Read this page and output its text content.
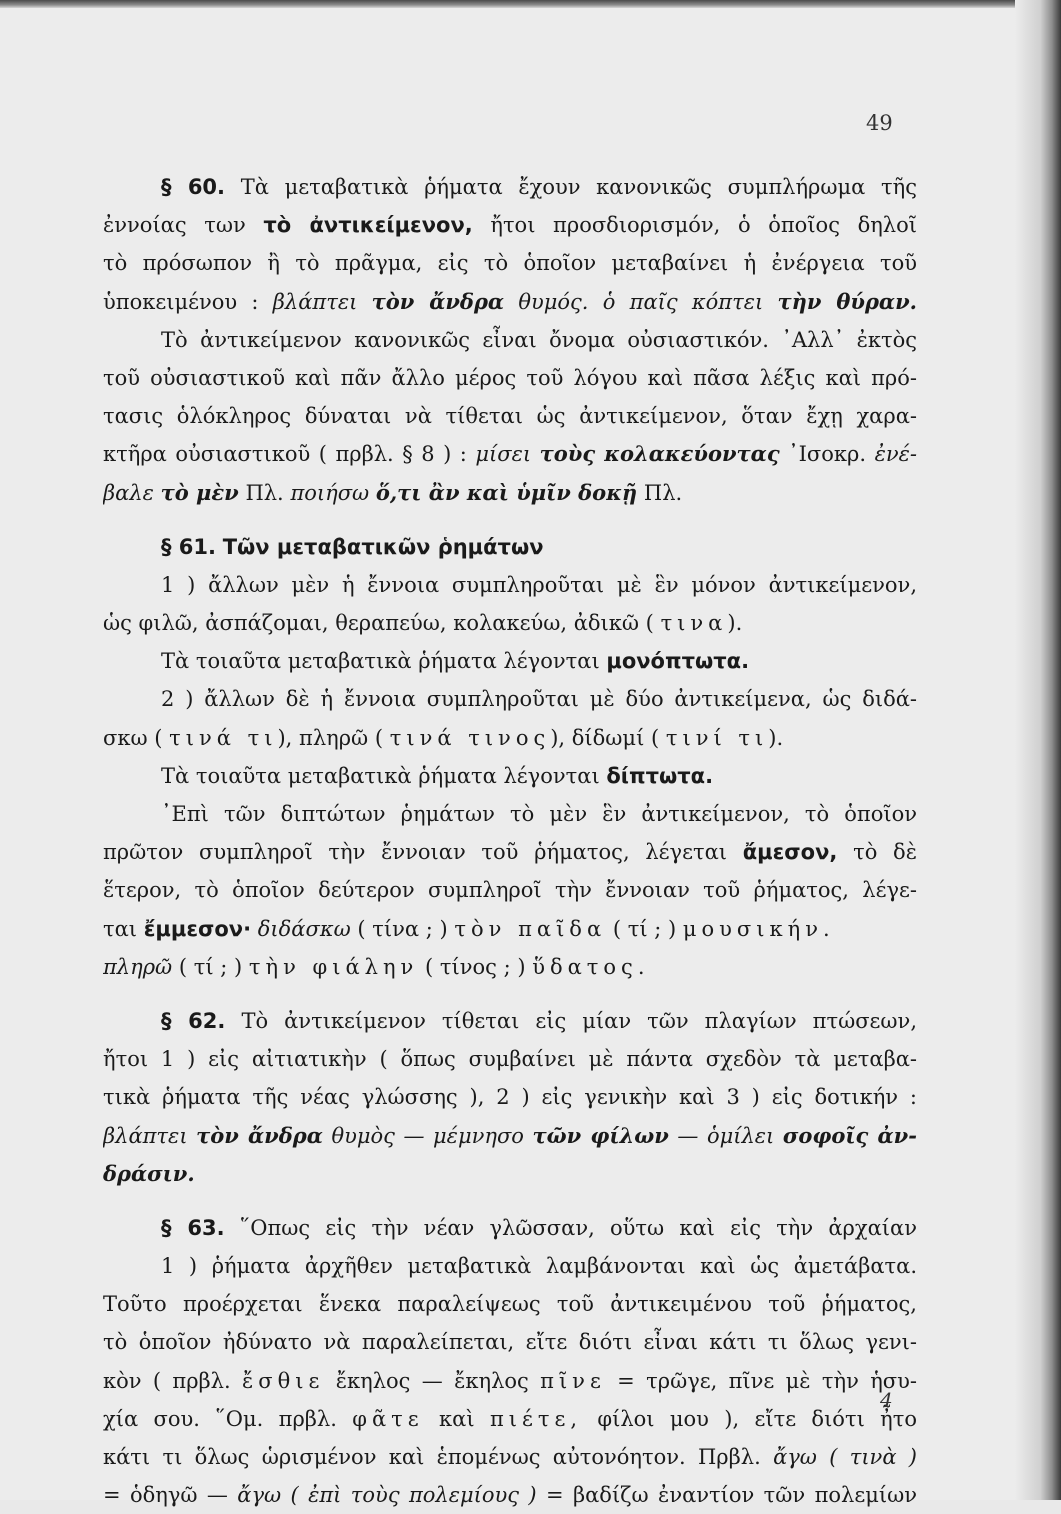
49
§ 60. Τὰ μεταβατικὰ ῥήματα ἔχουν κανονικῶς συμπλήρωμα τῆς
ἐννοίας των τὸ ἀντικείμενον, ἤτοι προσδιορισμόν, ὁ ὁποῖος δηλοῖ
τὸ πρόσωπον ἢ τὸ πρᾶγμα, εἰς τὸ ὁποῖον μεταβαίνει ἡ ἐνέργεια τοῦ
ὑποκειμένου : βλάπτει τὸν ἄνδρα θυμός. ὁ παῖς κόπτει τὴν θύραν.
Τὸ ἀντικείμενον κανονικῶς εἶναι ὄνομα οὐσιαστικόν. ᾿Αλλ᾽ ἐκτὸς
τοῦ οὐσιαστικοῦ καὶ πᾶν ἄλλο μέρος τοῦ λόγου καὶ πᾶσα λέξις καὶ πρό-
τασις ὁλόκληρος δύναται νὰ τίθεται ὡς ἀντικείμενον, ὅταν ἔχῃ χαρα-
κτῆρα οὐσιαστικοῦ ( πρβλ. § 8 ) : μίσει τοὺς κολακεύοντας ᾿Ισοκρ. ἐνέ-
βαλε τὸ μὲν Πλ. ποιήσω ὅ,τι ἂν καὶ ὑμῖν δοκῇ Πλ.
§ 61. Τῶν μεταβατικῶν ῥημάτων
1 ) ἄλλων μὲν ἡ ἔννοια συμπληροῦται μὲ ἓν μόνον ἀντικείμενον,
ὡς φιλῶ, ἀσπάζομαι, θεραπεύω, κολακεύω, ἀδικῶ ( τινα).
Τὰ τοιαῦτα μεταβατικὰ ῥήματα λέγονται μονόπτωτα.
2 ) ἄλλων δὲ ἡ ἔννοια συμπληροῦται μὲ δύο ἀντικείμενα, ὡς διδά-
σκω ( τινά τι), πληρῶ ( τινά τινος), δίδωμί ( τινί τι).
Τὰ τοιαῦτα μεταβατικὰ ῥήματα λέγονται δίπτωτα.
᾿Επὶ τῶν διπτώτων ῥημάτων τὸ μὲν ἓν ἀντικείμενον, τὸ ὁποῖον
πρῶτον συμπληροῖ τὴν ἔννοιαν τοῦ ῥήματος, λέγεται ἄμεσον, τὸ δὲ
ἕτερον, τὸ ὁποῖον δεύτερον συμπληροῖ τὴν ἔννοιαν τοῦ ῥήματος, λέγε-
ται ἔμμεσον· διδάσκω ( τίνα ; ) τὸν παῖδα ( τί ; ) μουσικήν.
πληρῶ ( τί ; ) τὴν φιάλην ( τίνος ; ) ὕδατος.
§ 62. Τὸ ἀντικείμενον τίθεται εἰς μίαν τῶν πλαγίων πτώσεων,
ἤτοι 1 ) εἰς αἰτιατικὴν ( ὅπως συμβαίνει μὲ πάντα σχεδὸν τὰ μεταβα-
τικὰ ῥήματα τῆς νέας γλώσσης ), 2 ) εἰς γενικὴν καὶ 3 ) εἰς δοτικήν :
βλάπτει τὸν ἄνδρα θυμὸς — μέμνησο τῶν φίλων — ὁμίλει σοφοῖς ἀν-
δράσιν.
§ 63. ῞Οπως εἰς τὴν νέαν γλῶσσαν, οὕτω καὶ εἰς τὴν ἀρχαίαν
1 ) ῥήματα ἀρχῆθεν μεταβατικὰ λαμβάνονται καὶ ὡς ἀμετάβατα.
Τοῦτο προέρχεται ἕνεκα παραλείψεως τοῦ ἀντικειμένου τοῦ ῥήματος,
τὸ ὁποῖον ἠδύνατο νὰ παραλείπεται, εἴτε διότι εἶναι κάτι τι ὅλως γενι-
κὸν ( πρβλ. ἔσθιε ἔκηλος — ἔκηλος πῖνε = τρῶγε, πῖνε μὲ τὴν ἡσυ-
χία σου. ῞Ομ. πρβλ. φᾶτε καὶ πιέτε, φίλοι μου ), εἴτε διότι ἦτο
κάτι τι ὅλως ὡρισμένον καὶ ἑπομένως αὐτονόητον. Πρβλ. ἄγω ( τινὰ )
= ὁδηγῶ — ἄγω ( ἐπὶ τοὺς πολεμίους ) = βαδίζω ἐναντίον τῶν πολεμίων
4
